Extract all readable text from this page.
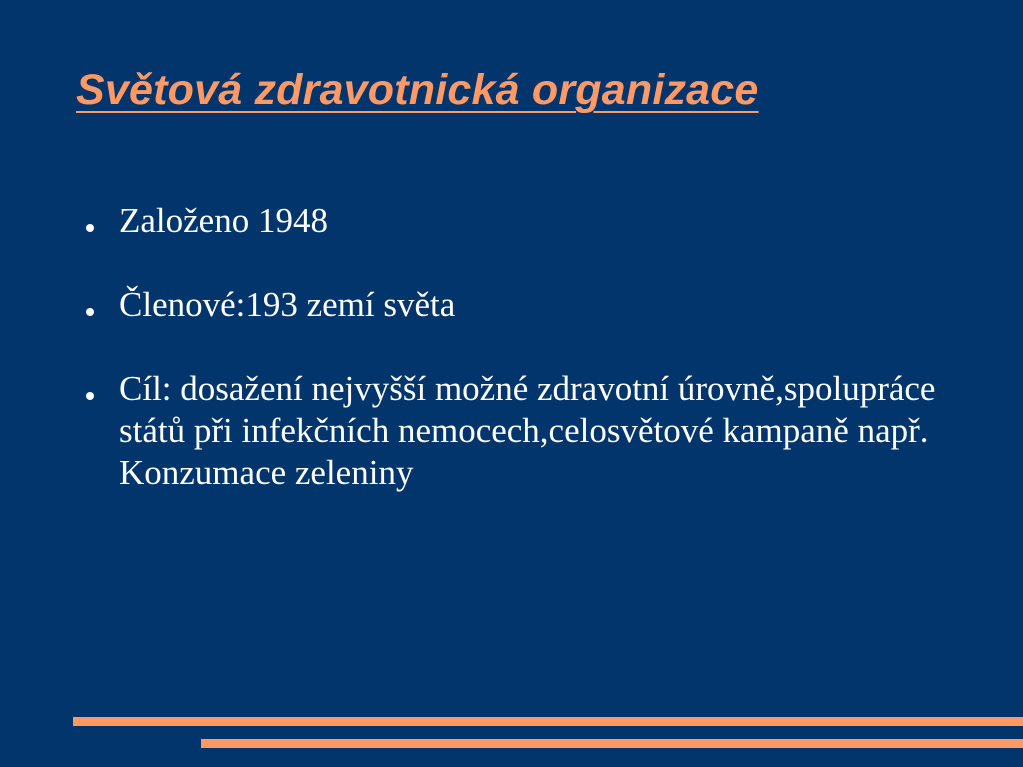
Světová zdravotnická organizace
Založeno 1948
Členové:193 zemí světa
Cíl: dosažení nejvyšší možné zdravotní úrovně,spolupráce států při infekčních nemocech,celosvětové kampaně např. Konzumace zeleniny
